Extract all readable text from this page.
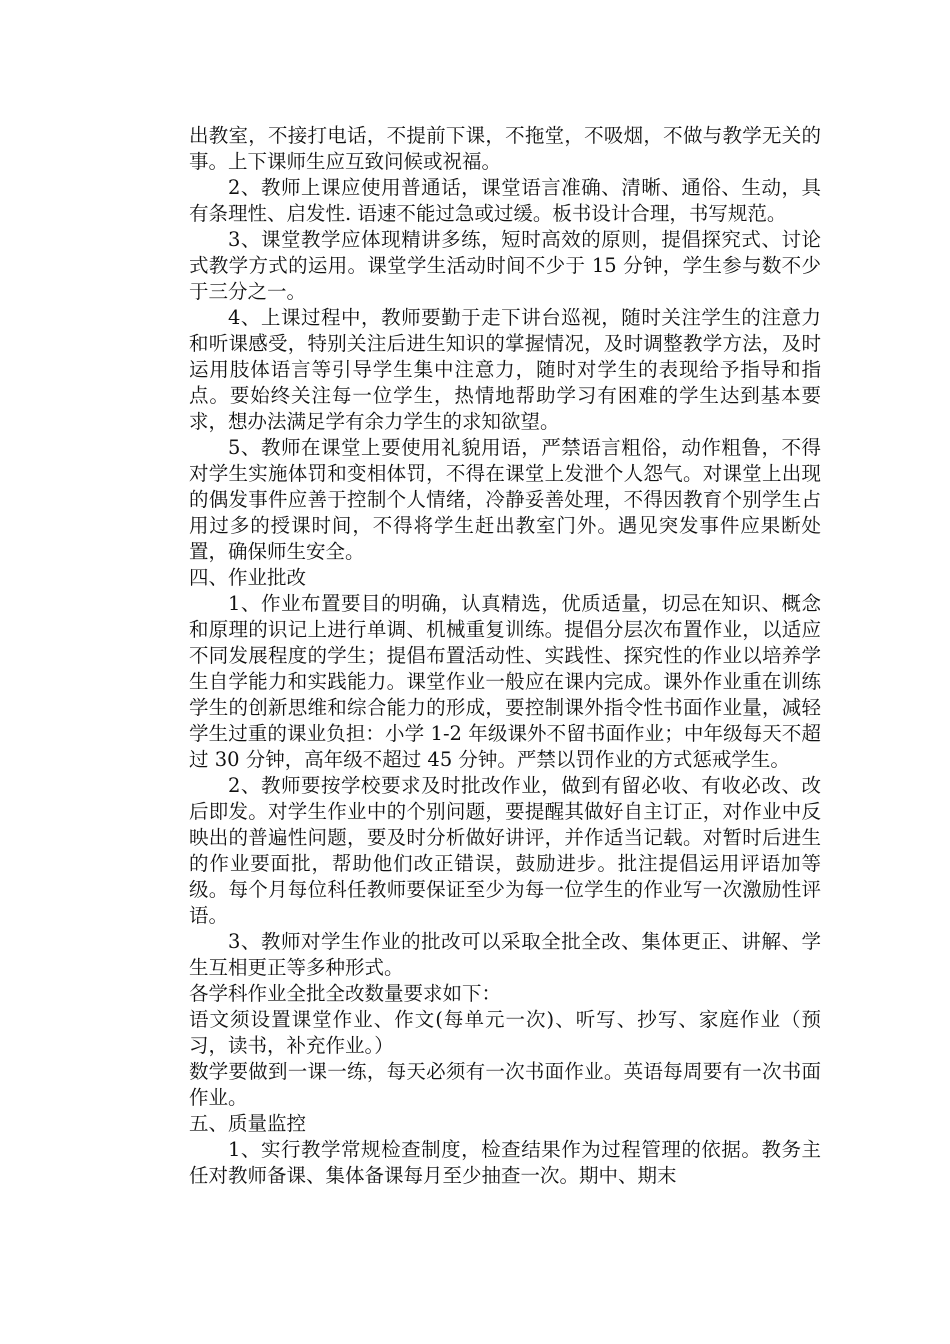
出教室，不接打电话，不提前下课，不拖堂，不吸烟，不做与教学无关的事。上下课师生应互致问候或祝福。

2、教师上课应使用普通话，课堂语言准确、清晰、通俗、生动，具有条理性、启发性. 语速不能过急或过缓。板书设计合理，书写规范。

3、课堂教学应体现精讲多练，短时高效的原则，提倡探究式、讨论式教学方式的运用。课堂学生活动时间不少于 15 分钟，学生参与数不少于三分之一。

4、上课过程中，教师要勤于走下讲台巡视，随时关注学生的注意力和听课感受，特别关注后进生知识的掌握情况，及时调整教学方法，及时运用肢体语言等引导学生集中注意力，随时对学生的表现给予指导和指点。要始终关注每一位学生，热情地帮助学习有困难的学生达到基本要求，想办法满足学有余力学生的求知欲望。

5、教师在课堂上要使用礼貌用语，严禁语言粗俗，动作粗鲁，不得对学生实施体罚和变相体罚，不得在课堂上发泄个人怨气。对课堂上出现的偶发事件应善于控制个人情绪，冷静妥善处理，不得因教育个别学生占用过多的授课时间，不得将学生赶出教室门外。遇见突发事件应果断处置，确保师生安全。

四、作业批改

1、作业布置要目的明确，认真精选，优质适量，切忌在知识、概念和原理的识记上进行单调、机械重复训练。提倡分层次布置作业，以适应不同发展程度的学生；提倡布置活动性、实践性、探究性的作业以培养学生自学能力和实践能力。课堂作业一般应在课内完成。课外作业重在训练学生的创新思维和综合能力的形成，要控制课外指令性书面作业量，减轻学生过重的课业负担：小学 1-2 年级课外不留书面作业；中年级每天不超过 30 分钟，高年级不超过 45 分钟。严禁以罚作业的方式惩戒学生。

2、教师要按学校要求及时批改作业，做到有留必收、有收必改、改后即发。对学生作业中的个别问题，要提醒其做好自主订正，对作业中反映出的普遍性问题，要及时分析做好讲评，并作适当记载。对暂时后进生的作业要面批，帮助他们改正错误，鼓励进步。批注提倡运用评语加等级。每个月每位科任教师要保证至少为每一位学生的作业写一次激励性评语。

3、教师对学生作业的批改可以采取全批全改、集体更正、讲解、学生互相更正等多种形式。

各学科作业全批全改数量要求如下：

语文须设置课堂作业、作文(每单元一次)、听写、抄写、家庭作业（预习，读书，补充作业。）

数学要做到一课一练，每天必须有一次书面作业。英语每周要有一次书面作业。

五、质量监控

1、实行教学常规检查制度，检查结果作为过程管理的依据。教务主任对教师备课、集体备课每月至少抽查一次。期中、期末
